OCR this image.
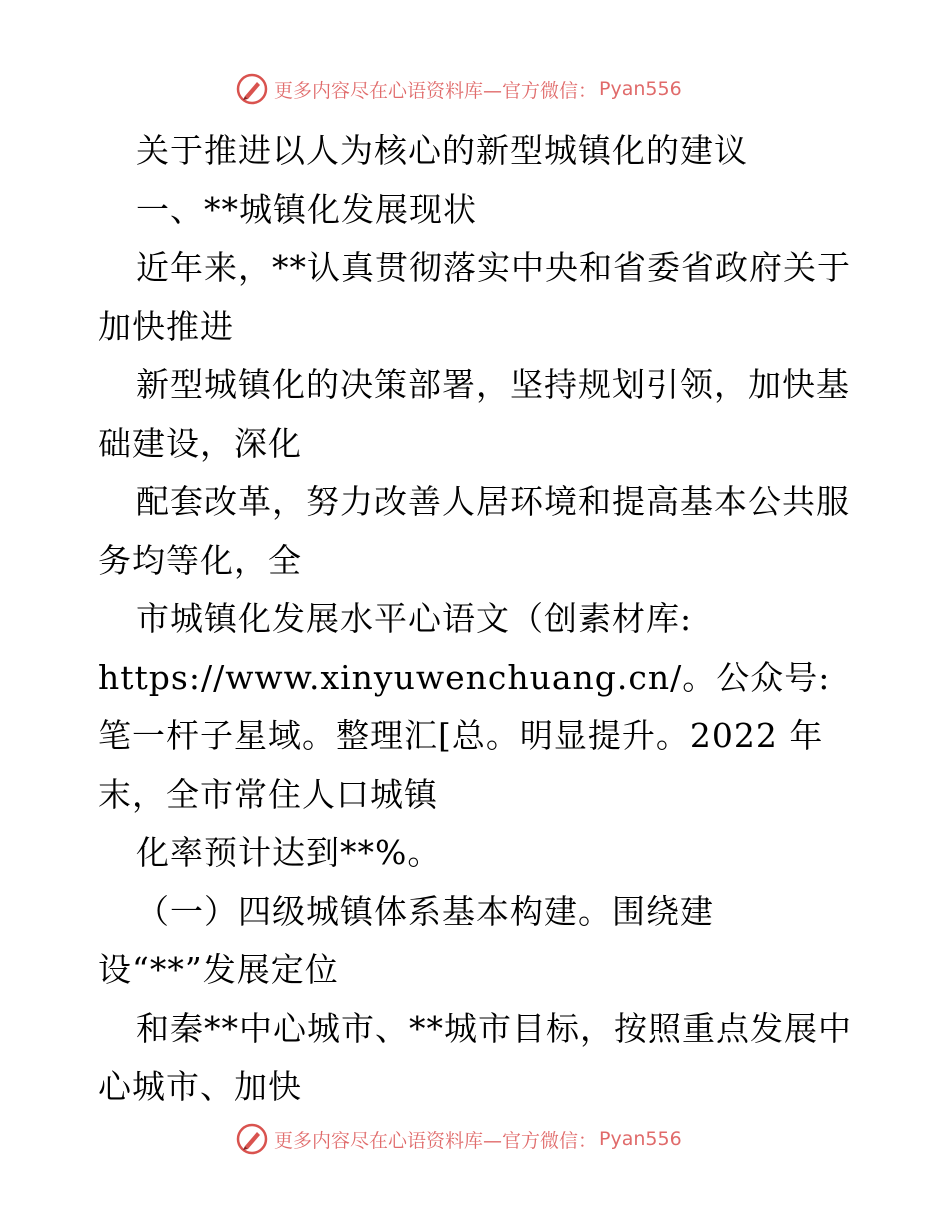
更多内容尽在心语资料库—官方微信： Pyan556

关于推进以人为核心的新型城镇化的建议

一、**城镇化发展现状

近年来，**认真贯彻落实中央和省委省政府关于加快推进

新型城镇化的决策部署，坚持规划引领，加快基础建设，深化

配套改革，努力改善人居环境和提高基本公共服务均等化，全

市城镇化发展水平心语文（创素材库:

https://www.xinyuwenchuang.cn/。公众号: 笔一杆子星域。整理汇[总。明显提升。2022 年末，全市常住人口城镇

化率预计达到**%。

（一）四级城镇体系基本构建。围绕建

设“**”发展定位

和秦**中心城市、**城市目标，按照重点发展中心城市、加快

更多内容尽在心语资料库—官方微信： Pyan556
